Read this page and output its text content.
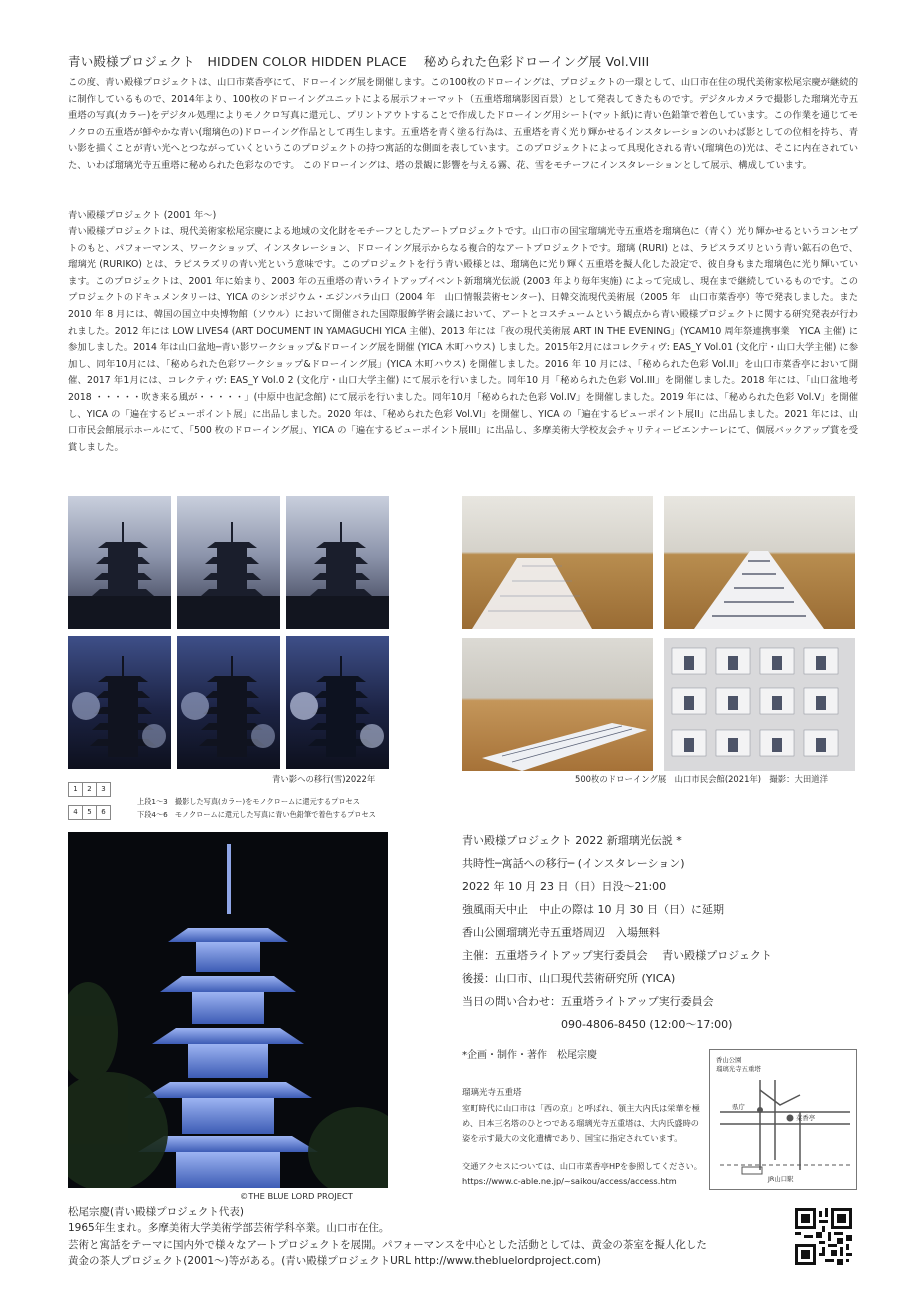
青い殿様プロジェクト　HIDDEN COLOR HIDDEN PLACE　 秘められた色彩ドローイング展 Vol.VIII

この度、青い殿様プロジェクトは、山口市菜香亭にて、ドローイング展を開催します。この100枚のドローイングは、プロジェクトの一環として、山口市在住の現代美術家松尾宗慶が継続的に制作しているもので、2014年より、100枚のドローイングユニットによる展示フォーマット（五重塔瑠璃影図百景）として発表してきたものです。デジタルカメラで撮影した瑠璃光寺五重塔の写真(カラー)をデジタル処理によりモノクロ写真に還元し、プリントアウトすることで作成したドローイング用シート(マット紙)に青い色鉛筆で着色しています。この作業を通じてモノクロの五重塔が鮮やかな青い(瑠璃色の)ドローイング作品として再生します。五重塔を青く塗る行為は、五重塔を青く光り輝かせるインスタレーションのいわば影としての位相を持ち、青い影を描くことが青い光へとつながっていくというこのプロジェクトの持つ寓話的な側面を表しています。このプロジェクトによって具現化される青い(瑠璃色の)光は、そこに内在されていた、いわば瑠璃光寺五重塔に秘められた色彩なのです。 このドローイングは、塔の景観に影響を与える霧、花、雪をモチーフにインスタレーションとして展示、構成しています。

青い殿様プロジェクト (2001 年〜)

青い殿様プロジェクトは、現代美術家松尾宗慶による地域の文化財をモチーフとしたアートプロジェクトです。山口市の国宝瑠璃光寺五重塔を瑠璃色に（青く）光り輝かせるというコンセプトのもと、パフォーマンス、ワークショップ、インスタレーション、ドローイング展示からなる複合的なアートプロジェクトです。瑠璃 (RURI) とは、ラピスラズリという青い鉱石の色で、瑠璃光 (RURIKO) とは、ラピスラズリの青い光という意味です。このプロジェクトを行う青い殿様とは、瑠璃色に光り輝く五重塔を擬人化した設定で、彼自身もまた瑠璃色に光り輝いています。このプロジェクトは、2001 年に始まり、2003 年の五重塔の青いライトアップイベント新瑠璃光伝説 (2003 年より毎年実施) によって完成し、現在まで継続しているものです。このプロジェクトのドキュメンタリーは、YICA のシンポジウム・エジンバラ山口（2004 年　山口情報芸術センター)、日韓交流現代美術展（2005 年　山口市菜香亭）等で発表しました。また 2010 年 8 月には、韓国の国立中央博物館（ソウル）において開催された国際服飾学術会議において、アートとコスチュームという観点から青い殿様プロジェクトに関する研究発表が行われました。2012 年には LOW LIVES4 (ART DOCUMENT IN YAMAGUCHI YICA 主催)、2013 年には「夜の現代美術展 ART IN THE EVENING」(YCAM10 周年祭連携事業　YICA 主催) に参加しました。2014 年は山口盆地─青い影ワークショップ&ドローイング展を開催 (YICA 木町ハウス) しました。2015年2月にはコレクティヴ: EAS_Y Vol.01 (文化庁・山口大学主催) に参加し、同年10月には、「秘められた色彩ワークショップ&ドローイング展」(YICA 木町ハウス) を開催しました。2016 年 10 月には、「秘められた色彩 Vol.II」を山口市菜香亭において開催、2017 年1月には、コレクティヴ: EAS_Y Vol.0 2 (文化庁・山口大学主催) にて展示を行いました。同年10 月「秘められた色彩 Vol.III」を開催しました。2018 年には、「山口盆地考 2018 ・・・・・吹き来る風が・・・・・」(中原中也記念館) にて展示を行いました。同年10月「秘められた色彩 Vol.IV」を開催しました。2019 年には、「秘められた色彩 Vol.V」を開催し、YICA の「遍在するビューポイント展」に出品しました。2020 年は、「秘められた色彩 Vol.VI」を開催し、YICA の「遍在するビューポイント展II」に出品しました。2021 年には、山口市民会館展示ホールにて、「500 枚のドローイング展」、YICA の「遍在するビューポイント展III」に出品し、多摩美術大学校友会チャリティービエンナーレにて、個展バックアップ賞を受賞しました。

青い影への移行(雪)2022年
1	2	3
4	5	6
上段1〜3　撮影した写真(カラー)をモノクロームに還元するプロセス
下段4〜6　モノクロームに還元した写真に青い色鉛筆で着色するプロセス
500枚のドローイング展　山口市民会館(2021年)　撮影：大田道洋
©THE BLUE LORD PROJECT
青い殿様プロジェクト 2022 新瑠璃光伝説 *
共時性─寓話への移行─ (インスタレーション)
2022 年 10 月 23 日（日）日没〜21:00
強風雨天中止　中止の際は 10 月 30 日（日）に延期
香山公園瑠璃光寺五重塔周辺　入場無料
主催：五重塔ライトアップ実行委員会　 青い殿様プロジェクト
後援：山口市、山口現代芸術研究所 (YICA)
当日の問い合わせ：五重塔ライトアップ実行委員会
　　　　　　　　　090-4806-8450 (12:00〜17:00)
*企画・制作・著作　松尾宗慶
瑠璃光寺五重塔

室町時代に山口市は「西の京」と呼ばれ、領主大内氏は栄華を極め、日本三名塔のひとつである瑠璃光寺五重塔は、大内氏盛時の姿を示す最大の文化遺構であり、国宝に指定されています。

交通アクセスについては、山口市菜香亭HPを参照してください。
https://www.c-able.ne.jp/~saikou/access/access.htm
香山公園
瑠璃光寺五重塔
県庁
菜香亭
JR山口駅
松尾宗慶(青い殿様プロジェクト代表)
1965年生まれ。多摩美術大学美術学部芸術学科卒業。山口市在住。
芸術と寓話をテーマに国内外で様々なアートプロジェクトを展開。パフォーマンスを中心とした活動としては、黄金の茶室を擬人化した
黄金の茶人プロジェクト(2001〜)等がある。(青い殿様プロジェクトURL http://www.thebluelordproject.com)
